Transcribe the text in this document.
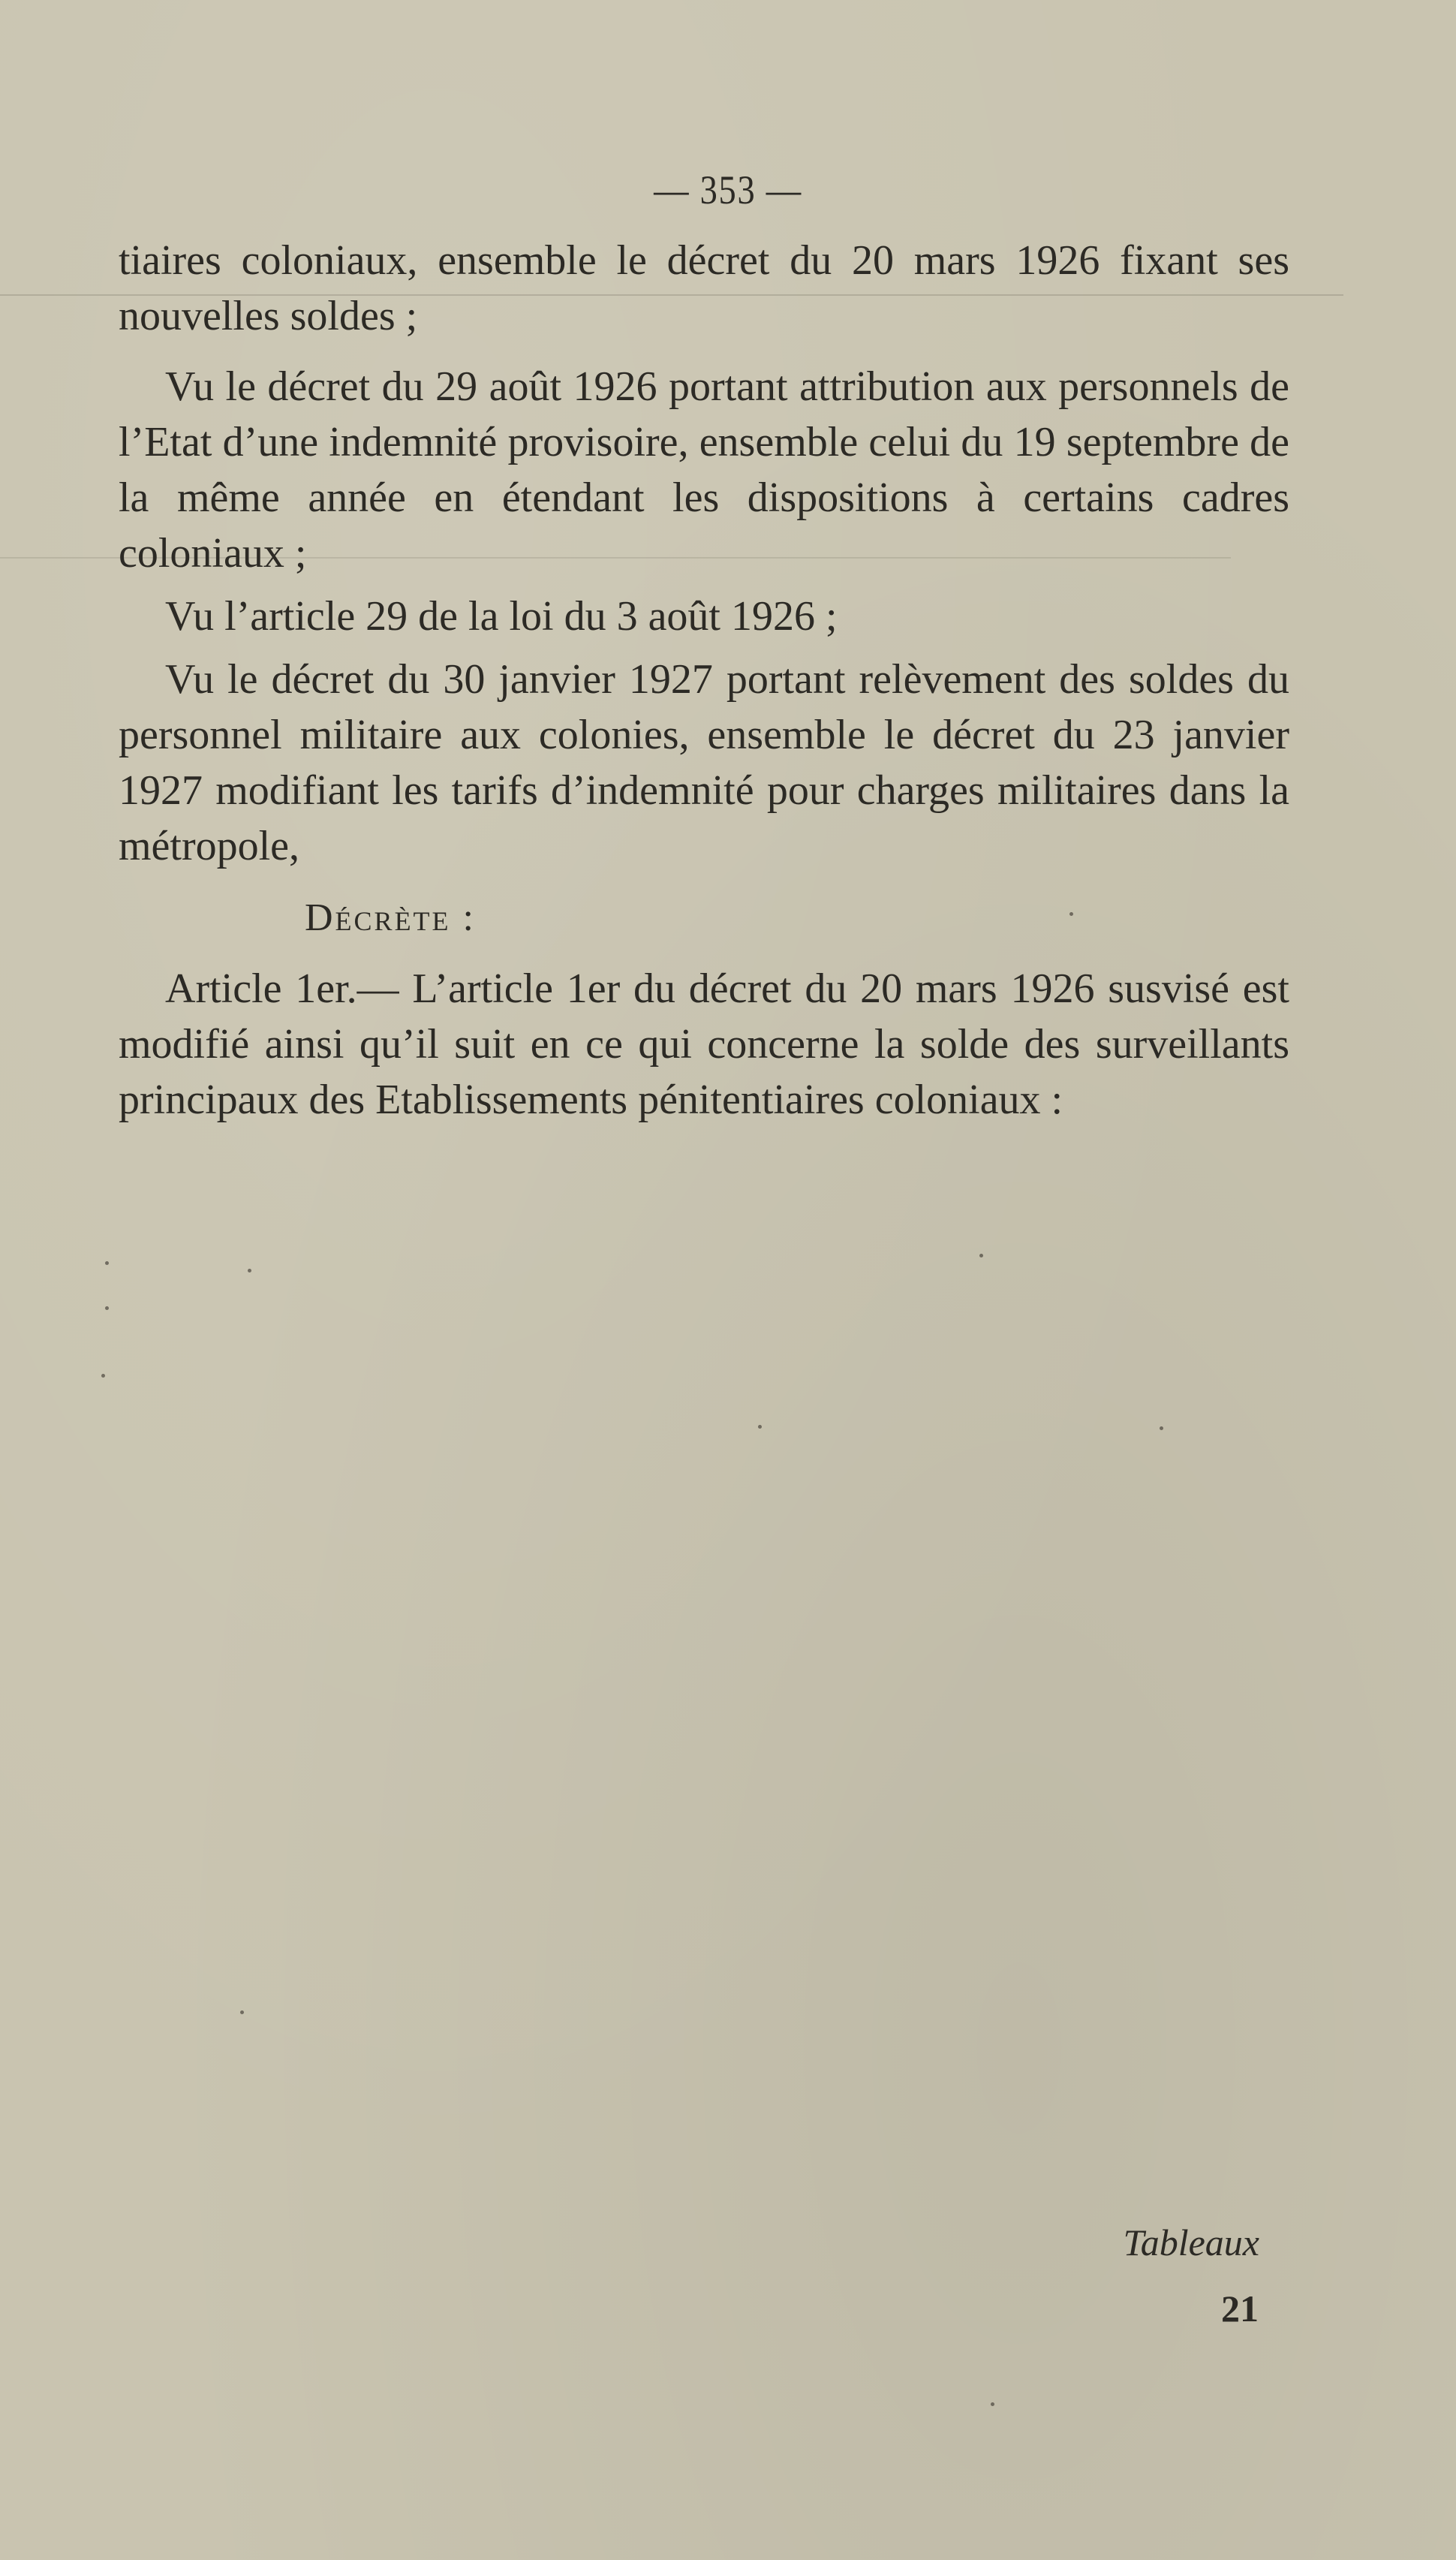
— 353 —

tiaires coloniaux, ensemble le décret du 20 mars 1926 fixant ses nouvelles soldes ;

Vu le décret du 29 août 1926 portant attribution aux personnels de l’Etat d’une indemnité provisoire, ensemble celui du 19 septembre de la même année en étendant les dispositions à certains cadres coloniaux ;

Vu l’article 29 de la loi du 3 août 1926 ;

Vu le décret du 30 janvier 1927 portant relèvement des soldes du personnel militaire aux colonies, ensemble le décret du 23 janvier 1927 modifiant les tarifs d’indemnité pour charges militaires dans la métropole,

Décrète :

Article 1er.— L’article 1er du décret du 20 mars 1926 susvisé est modifié ainsi qu’il suit en ce qui concerne la solde des surveillants principaux des Etablissements pénitentiaires coloniaux :

Tableaux
21
